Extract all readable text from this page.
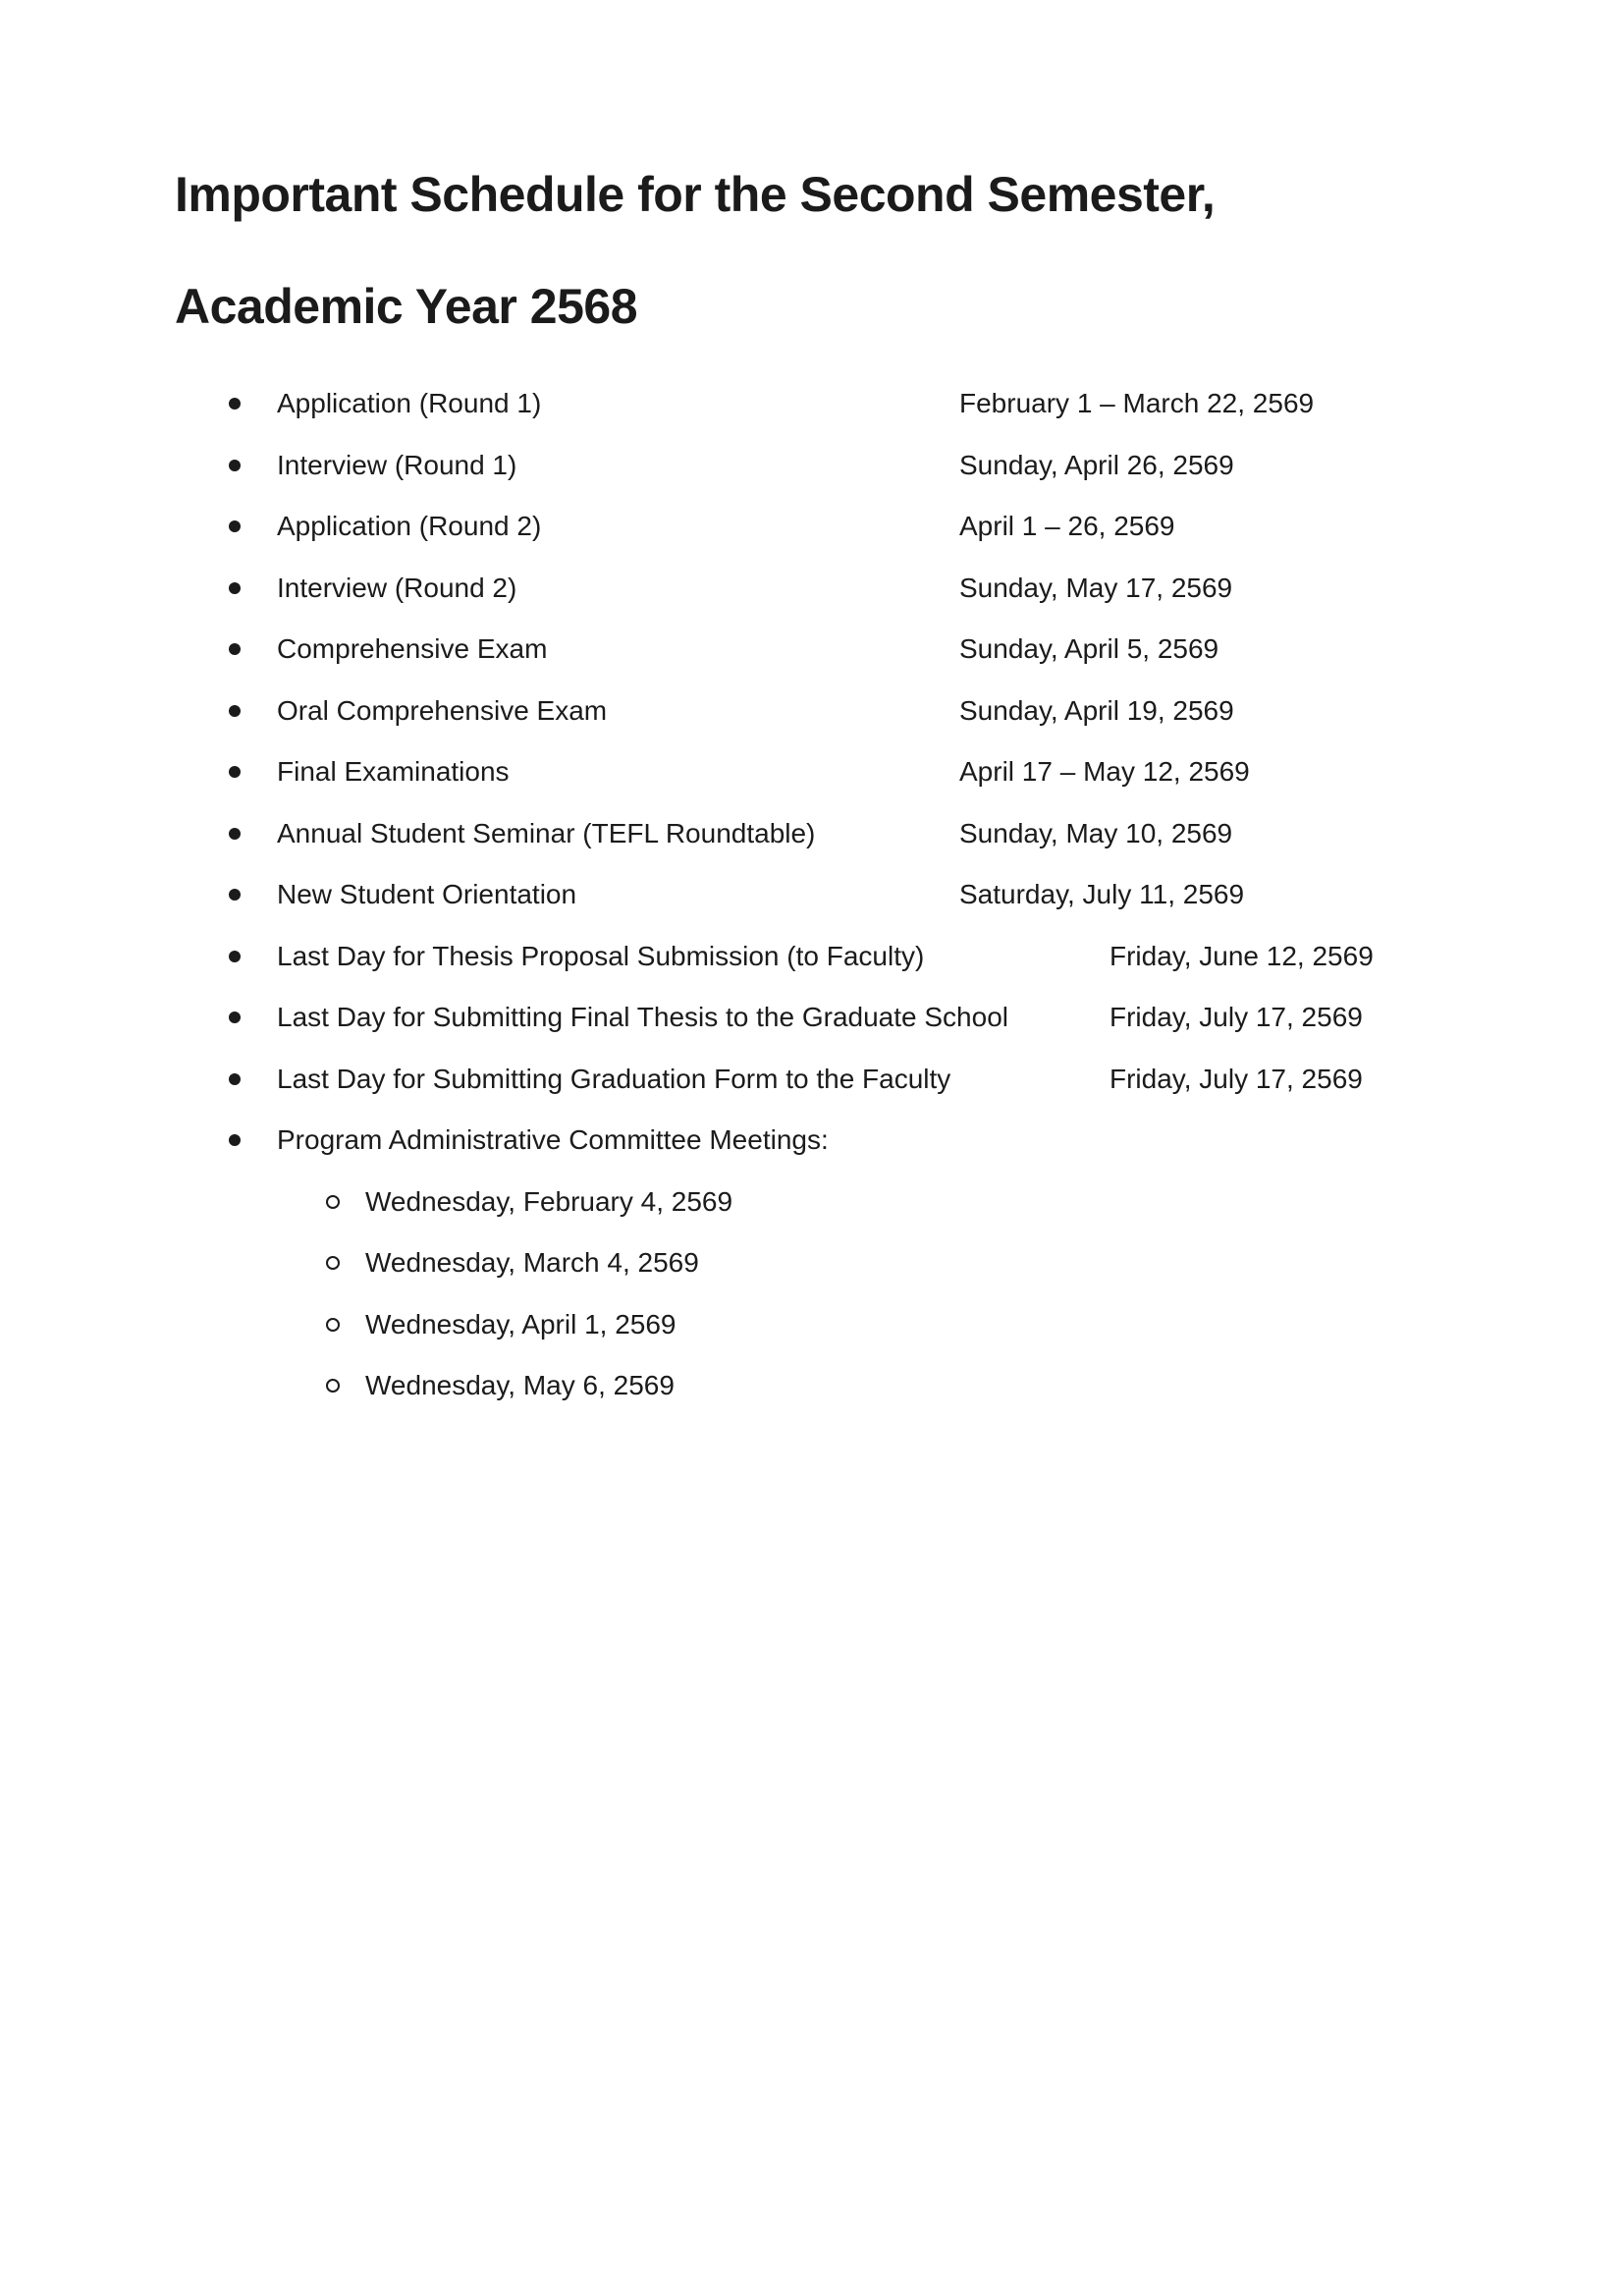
Important Schedule for the Second Semester,
Academic Year 2568
Application (Round 1)	February 1 – March 22, 2569
Interview (Round 1)	Sunday, April 26, 2569
Application (Round 2)	April 1 – 26, 2569
Interview (Round 2)	Sunday, May 17, 2569
Comprehensive Exam	Sunday, April 5, 2569
Oral Comprehensive Exam	Sunday, April 19, 2569
Final Examinations	April 17 – May 12, 2569
Annual Student Seminar (TEFL Roundtable)	Sunday, May 10, 2569
New Student Orientation	Saturday, July 11, 2569
Last Day for Thesis Proposal Submission (to Faculty)	Friday, June 12, 2569
Last Day for Submitting Final Thesis to the Graduate School	Friday, July 17, 2569
Last Day for Submitting Graduation Form to the Faculty	Friday, July 17, 2569
Program Administrative Committee Meetings:
Wednesday, February 4, 2569
Wednesday, March 4, 2569
Wednesday, April 1, 2569
Wednesday, May 6, 2569
